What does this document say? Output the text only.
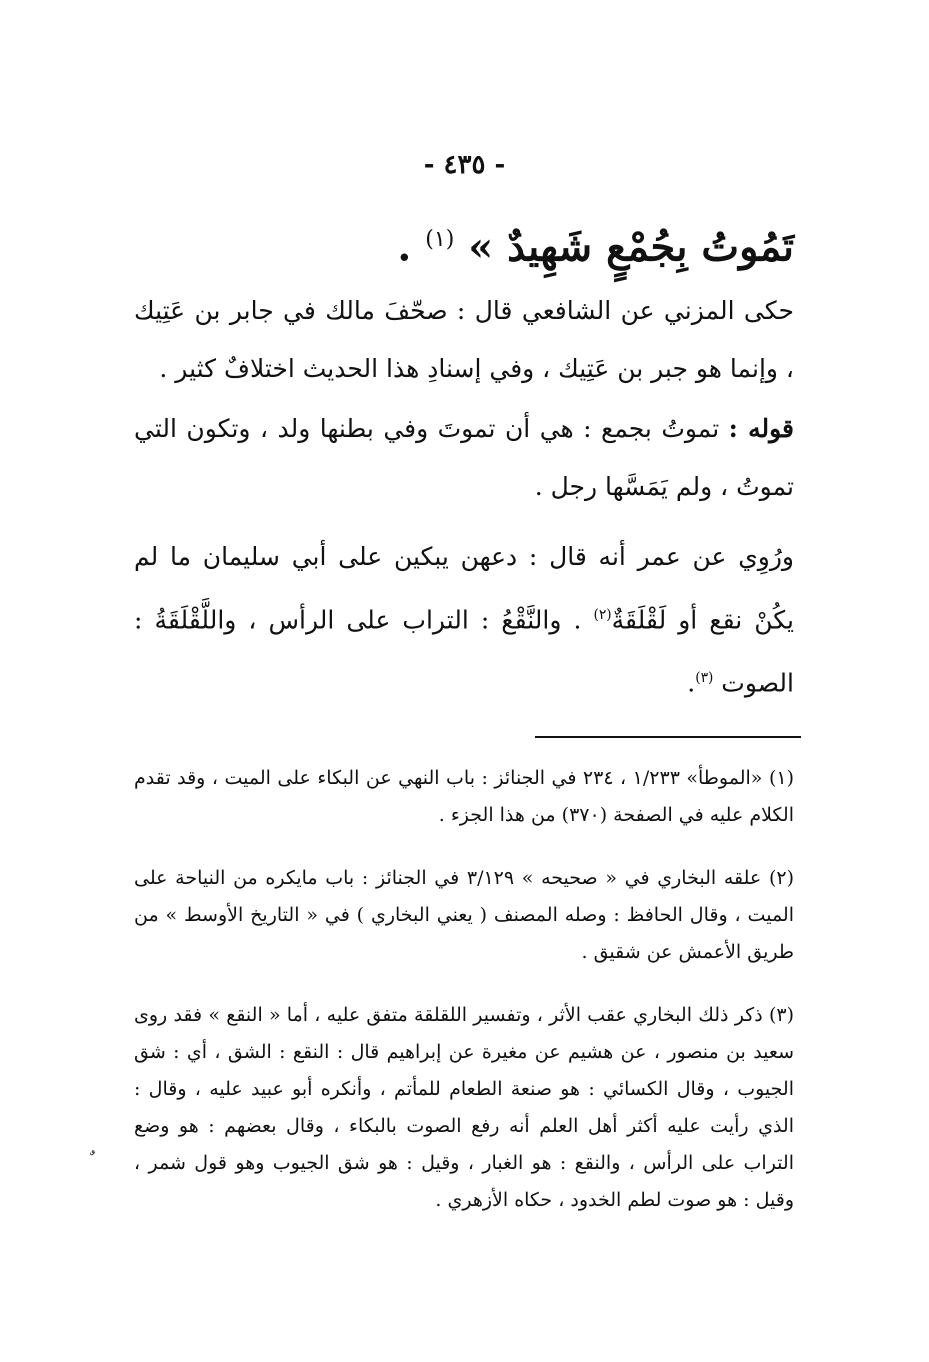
- ٤٣٥ -
تَمُوتُ بِجُمْعٍ شَهِيدٌ » $^{(١)}$ .
حكى المزني عن الشافعي قال : صحّفَ مالك في جابر بن عَتِيك ، وإنما هو جبر بن عَتِيك ، وفي إسنادِ هذا الحديث اختلافٌ كثير .
قوله : تموتُ بجمع : هي أن تموتَ وفي بطنها ولد ، وتكون التي تموتُ ، ولم يَمَسَّها رجل .
ورُوِي عن عمر أنه قال : دعهن يبكين على أبي سليمان ما لم يكُنْ نقع أو لَقْلَقَةٌ$^{(٢)}$ . والنَّقْعُ : التراب على الرأس ، واللَّقْلَقَةُ : الصوت $^{(٣)}$.
(١) «الموطأ» ١/٢٣٣ ، ٢٣٤ في الجنائز : باب النهي عن البكاء على الميت ، وقد تقدم الكلام عليه في الصفحة (٣٧٠) من هذا الجزء .
(٢) علقه البخاري في « صحيحه » ٣/١٢٩ في الجنائز : باب مايكره من النياحة على الميت ، وقال الحافظ : وصله المصنف ( يعني البخاري ) في « التاريخ الأوسط » من طريق الأعمش عن شقيق .
(٣) ذكر ذلك البخاري عقب الأثر ، وتفسير اللقلقة متفق عليه ، أما « النقع » فقد روى سعيد بن منصور ، عن هشيم عن مغيرة عن إبراهيم قال : النقع : الشق ، أي : شق الجيوب ، وقال الكسائي : هو صنعة الطعام للمأتم ، وأنكره أبو عبيد عليه ، وقال : الذي رأيت عليه أكثر أهل العلم أنه رفع الصوت بالبكاء ، وقال بعضهم : هو وضع التراب على الرأس ، والنقع : هو الغبار ، وقيل : هو شق الجيوب وهو قول شمر ، وقيل : هو صوت لطم الخدود ، حكاه الأزهري .
